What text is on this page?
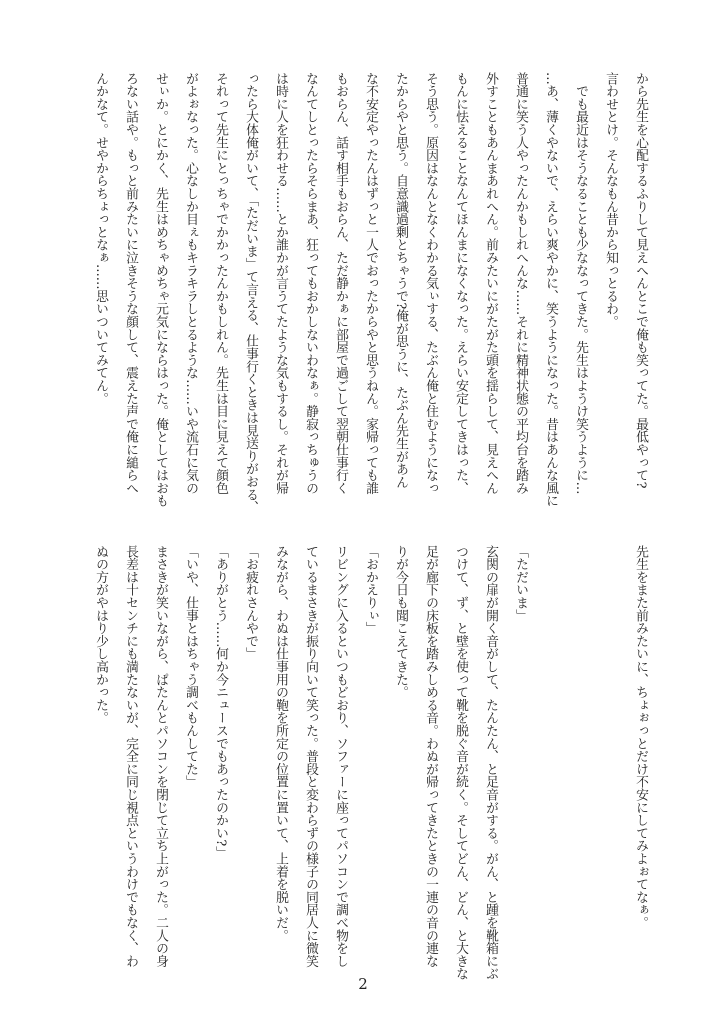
から先生を心配するふりして見えへんとこで俺も笑ってた。最低やって?
言わせとけ。そんなもん昔から知っとるわ。
　でも最近はそうなることも少ななってきた。先生はようけ笑うように…
…あ、薄くやないで、えらい爽やかに、笑うようになった。昔はあんな風に
普通に笑う人やったんかもしれへんな……それに精神状態の平均台を踏み
外すこともあんまあれへん。前みたいにがたがた頭を揺らして、見えへん
もんに怯えることなんてほんまになくなった。えらい安定してきはった、
そう思う。原因はなんとなくわかる気ぃする、たぶん俺と住むようになっ
たからやと思う。自意識過剰とちゃうで?俺が思うに、たぶん先生があん
な不安定やったんはずっと一人でおったからやと思うねん。家帰っても誰
もおらん、話す相手もおらん、ただ静かぁに部屋で過ごして翌朝仕事行く
なんてしとったらそらまあ、狂ってもおかしないわなぁ。静寂っちゅうの
は時に人を狂わせる……とか誰かが言うてたような気もするし。それが帰
ったら大体俺がいて、「ただいま」て言える、仕事行くときは見送りがおる、
それって先生にとっちゃでかかったんかもしれん。先生は目に見えて顔色
がよぉなった。心なしか目ぇもキラキラしとるような……いや流石に気の
せぃか。とにかく、先生はめちゃめちゃ元気にならはった。俺としてはおも
ろない話や。もっと前みたいに泣きそうな顔して、震えた声で俺に縋らへ
んかなて。せやからちょっとなぁ……思いついてみてん。
先生をまた前みたいに、ちょぉっとだけ不安にしてみよぉてなぁ。
「ただいま」
玄関の扉が開く音がして、たんたん、と足音がする。がん、と踵を靴箱にぶ
つけて、ず、と壁を使って靴を脱ぐ音が続く。そしてどん、どん、と大きな
足が廊下の床板を踏みしめる音。わぬが帰ってきたときの一連の音の連な
りが今日も聞こえてきた。
「おかえりぃ」
リビングに入るといつもどおり、ソファーに座ってパソコンで調べ物をし
ているまさきが振り向いて笑った。普段と変わらずの様子の同居人に微笑
みながら、わぬは仕事用の鞄を所定の位置に置いて、上着を脱いだ。
「お疲れさんやで」
「ありがとう……何か今ニュースでもあったのかい?」
「いや、仕事とはちゃう調べもんしてた」
まさきが笑いながら、ぱたんとパソコンを閉じて立ち上がった。二人の身
長差は十センチにも満たないが、完全に同じ視点というわけでもなく、わ
ぬの方がやはり少し高かった。
2
